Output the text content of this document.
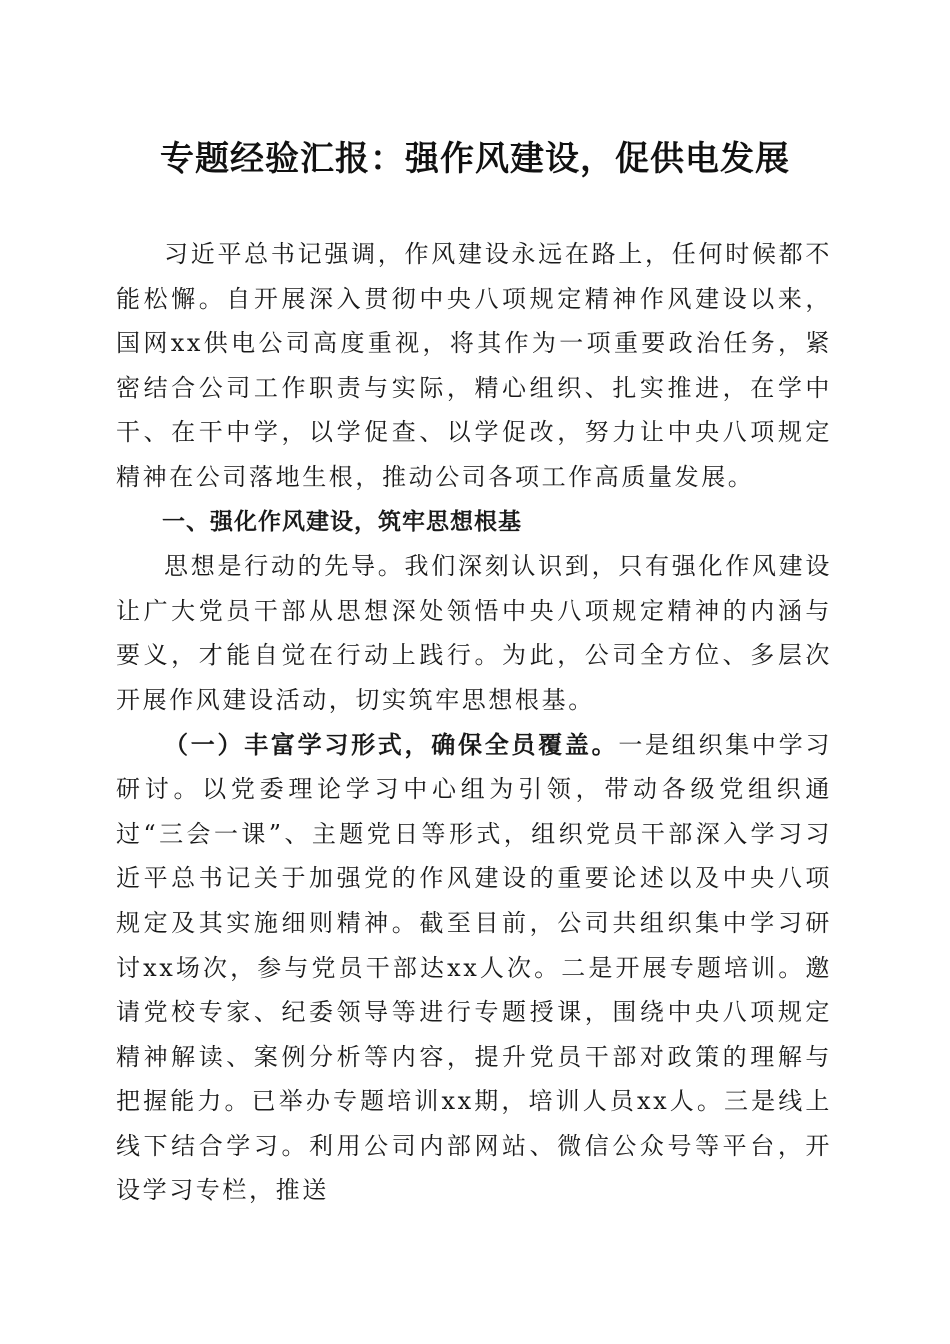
专题经验汇报：强作风建设，促供电发展

习近平总书记强调，作风建设永远在路上，任何时候都不能松懈。自开展深入贯彻中央八项规定精神作风建设以来，国网xx供电公司高度重视，将其作为一项重要政治任务，紧密结合公司工作职责与实际，精心组织、扎实推进，在学中干、在干中学，以学促查、以学促改，努力让中央八项规定精神在公司落地生根，推动公司各项工作高质量发展。

一、强化作风建设，筑牢思想根基

思想是行动的先导。我们深刻认识到，只有强化作风建设让广大党员干部从思想深处领悟中央八项规定精神的内涵与要义，才能自觉在行动上践行。为此，公司全方位、多层次开展作风建设活动，切实筑牢思想根基。

（一）丰富学习形式，确保全员覆盖。一是组织集中学习研讨。以党委理论学习中心组为引领，带动各级党组织通过“三会一课”、主题党日等形式，组织党员干部深入学习习近平总书记关于加强党的作风建设的重要论述以及中央八项规定及其实施细则精神。截至目前，公司共组织集中学习研讨xx场次，参与党员干部达xx人次。二是开展专题培训。邀请党校专家、纪委领导等进行专题授课，围绕中央八项规定精神解读、案例分析等内容，提升党员干部对政策的理解与把握能力。已举办专题培训xx期，培训人员xx人。三是线上线下结合学习。利用公司内部网站、微信公众号等平台，开设学习专栏，推送
